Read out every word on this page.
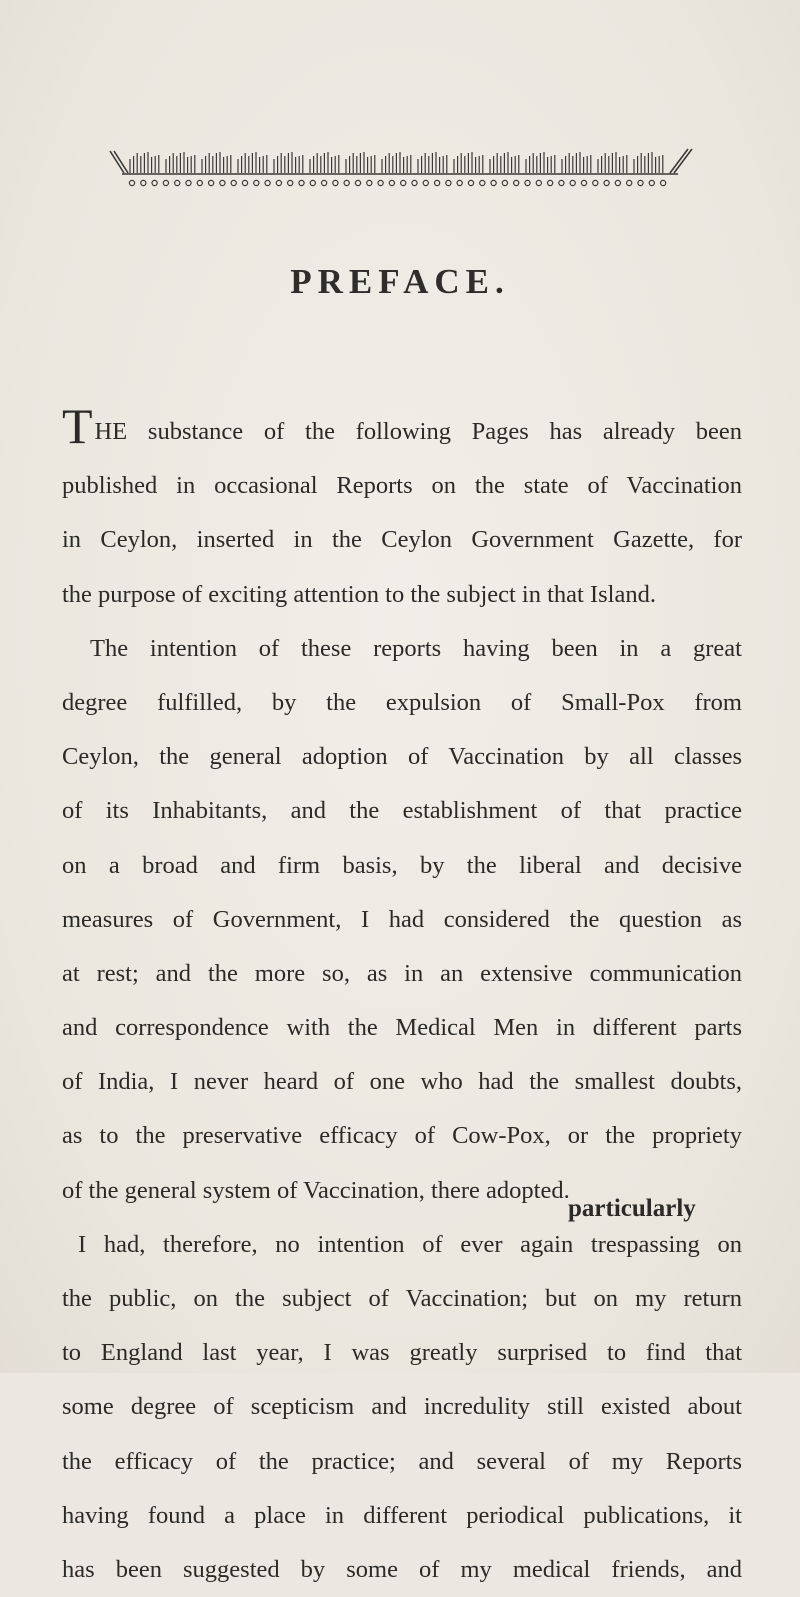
PREFACE.
THE substance of the following Pages has already been
published in occasional Reports on the state of Vaccination
in Ceylon, inserted in the Ceylon Government Gazette, for
the purpose of exciting attention to the subject in that Island.
The intention of these reports having been in a great
degree fulfilled, by the expulsion of Small-Pox from
Ceylon, the general adoption of Vaccination by all classes
of its Inhabitants, and the establishment of that practice
on a broad and firm basis, by the liberal and decisive
measures of Government, I had considered the question as
at rest; and the more so, as in an extensive communication
and correspondence with the Medical Men in different parts
of India, I never heard of one who had the smallest doubts,
as to the preservative efficacy of Cow-Pox, or the propriety
of the general system of Vaccination, there adopted.
I had, therefore, no intention of ever again trespassing on
the public, on the subject of Vaccination; but on my return
to England last year, I was greatly surprised to find that
some degree of scepticism and incredulity still existed about
the efficacy of the practice; and several of my Reports
having found a place in different periodical publications, it
has been suggested by some of my medical friends, and
particularly
